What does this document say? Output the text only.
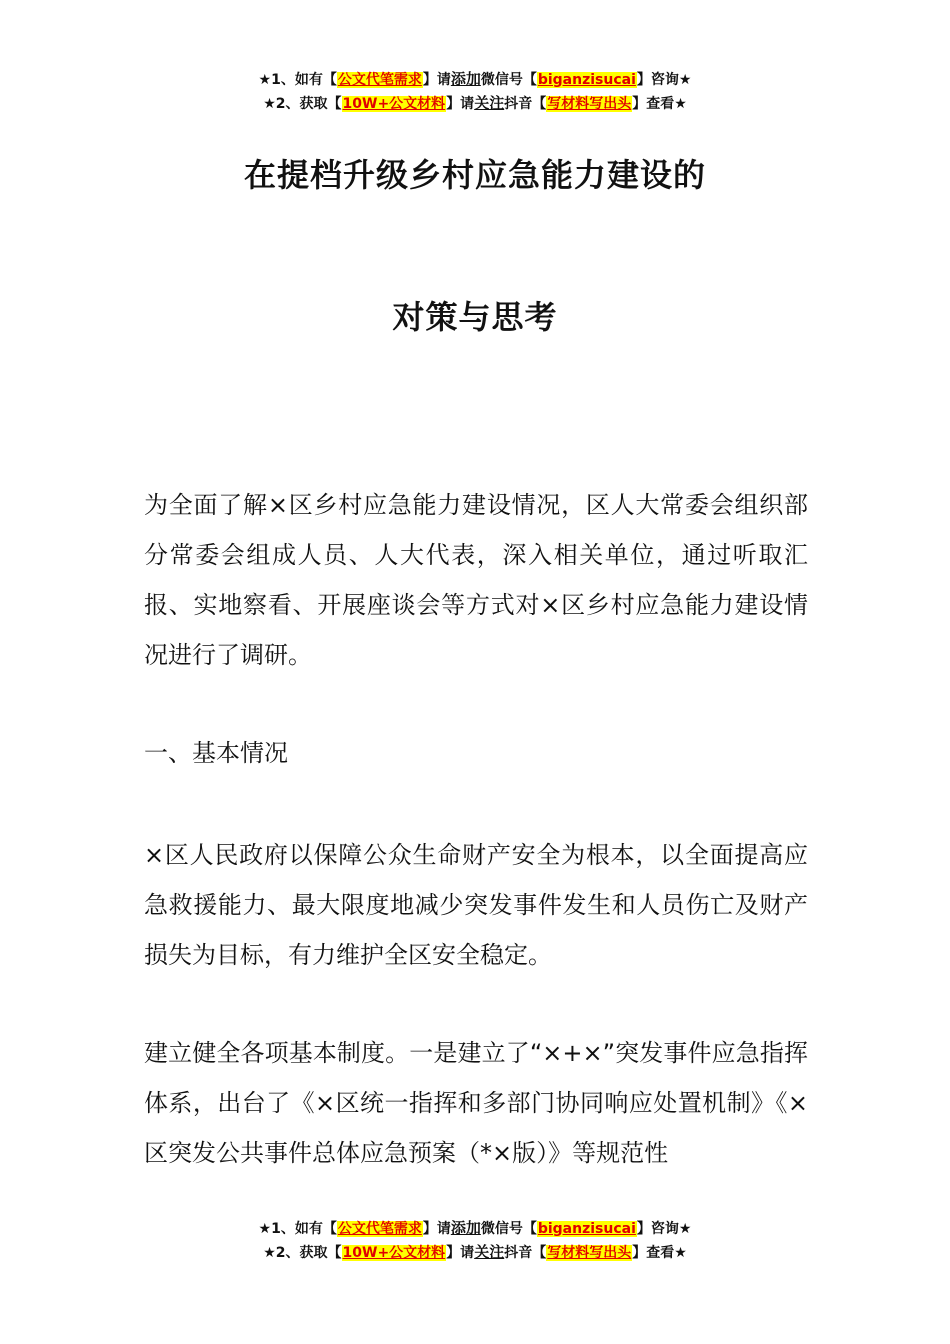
★1、如有【公文代笔需求】请添加微信号【biganzisucai】咨询★
★2、获取【10W+公文材料】请关注抖音【写材料写出头】查看★
在提档升级乡村应急能力建设的
对策与思考
为全面了解×区乡村应急能力建设情况，区人大常委会组织部分常委会组成人员、人大代表，深入相关单位，通过听取汇报、实地察看、开展座谈会等方式对×区乡村应急能力建设情况进行了调研。
一、基本情况
×区人民政府以保障公众生命财产安全为根本，以全面提高应急救援能力、最大限度地减少突发事件发生和人员伤亡及财产损失为目标，有力维护全区安全稳定。
建立健全各项基本制度。一是建立了“×+×”突发事件应急指挥体系，出台了《×区统一指挥和多部门协同响应处置机制》《×区突发公共事件总体应急预案（*×版）》等规范性
★1、如有【公文代笔需求】请添加微信号【biganzisucai】咨询★
★2、获取【10W+公文材料】请关注抖音【写材料写出头】查看★
